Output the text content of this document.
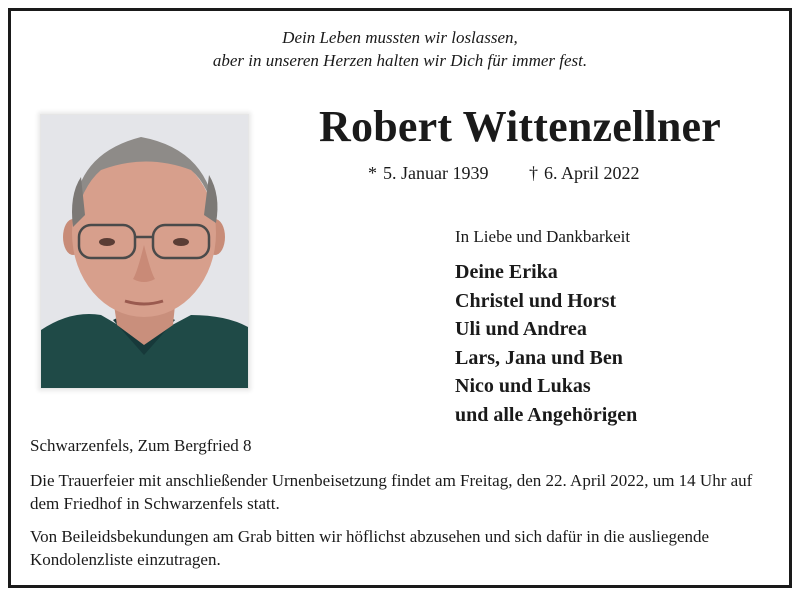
Dein Leben mussten wir loslassen,
aber in unseren Herzen halten wir Dich für immer fest.
Robert Wittenzellner
* 5. Januar 1939 † 6. April 2022
In Liebe und Dankbarkeit
Deine Erika
Christel und Horst
Uli und Andrea
Lars, Jana und Ben
Nico und Lukas
und alle Angehörigen
Schwarzenfels, Zum Bergfried 8
Die Trauerfeier mit anschließender Urnenbeisetzung findet am Freitag, den 22. April 2022, um 14 Uhr auf dem Friedhof in Schwarzenfels statt.
Von Beileidsbekundungen am Grab bitten wir höflichst abzusehen und sich dafür in die ausliegende Kondolenzliste einzutragen.
